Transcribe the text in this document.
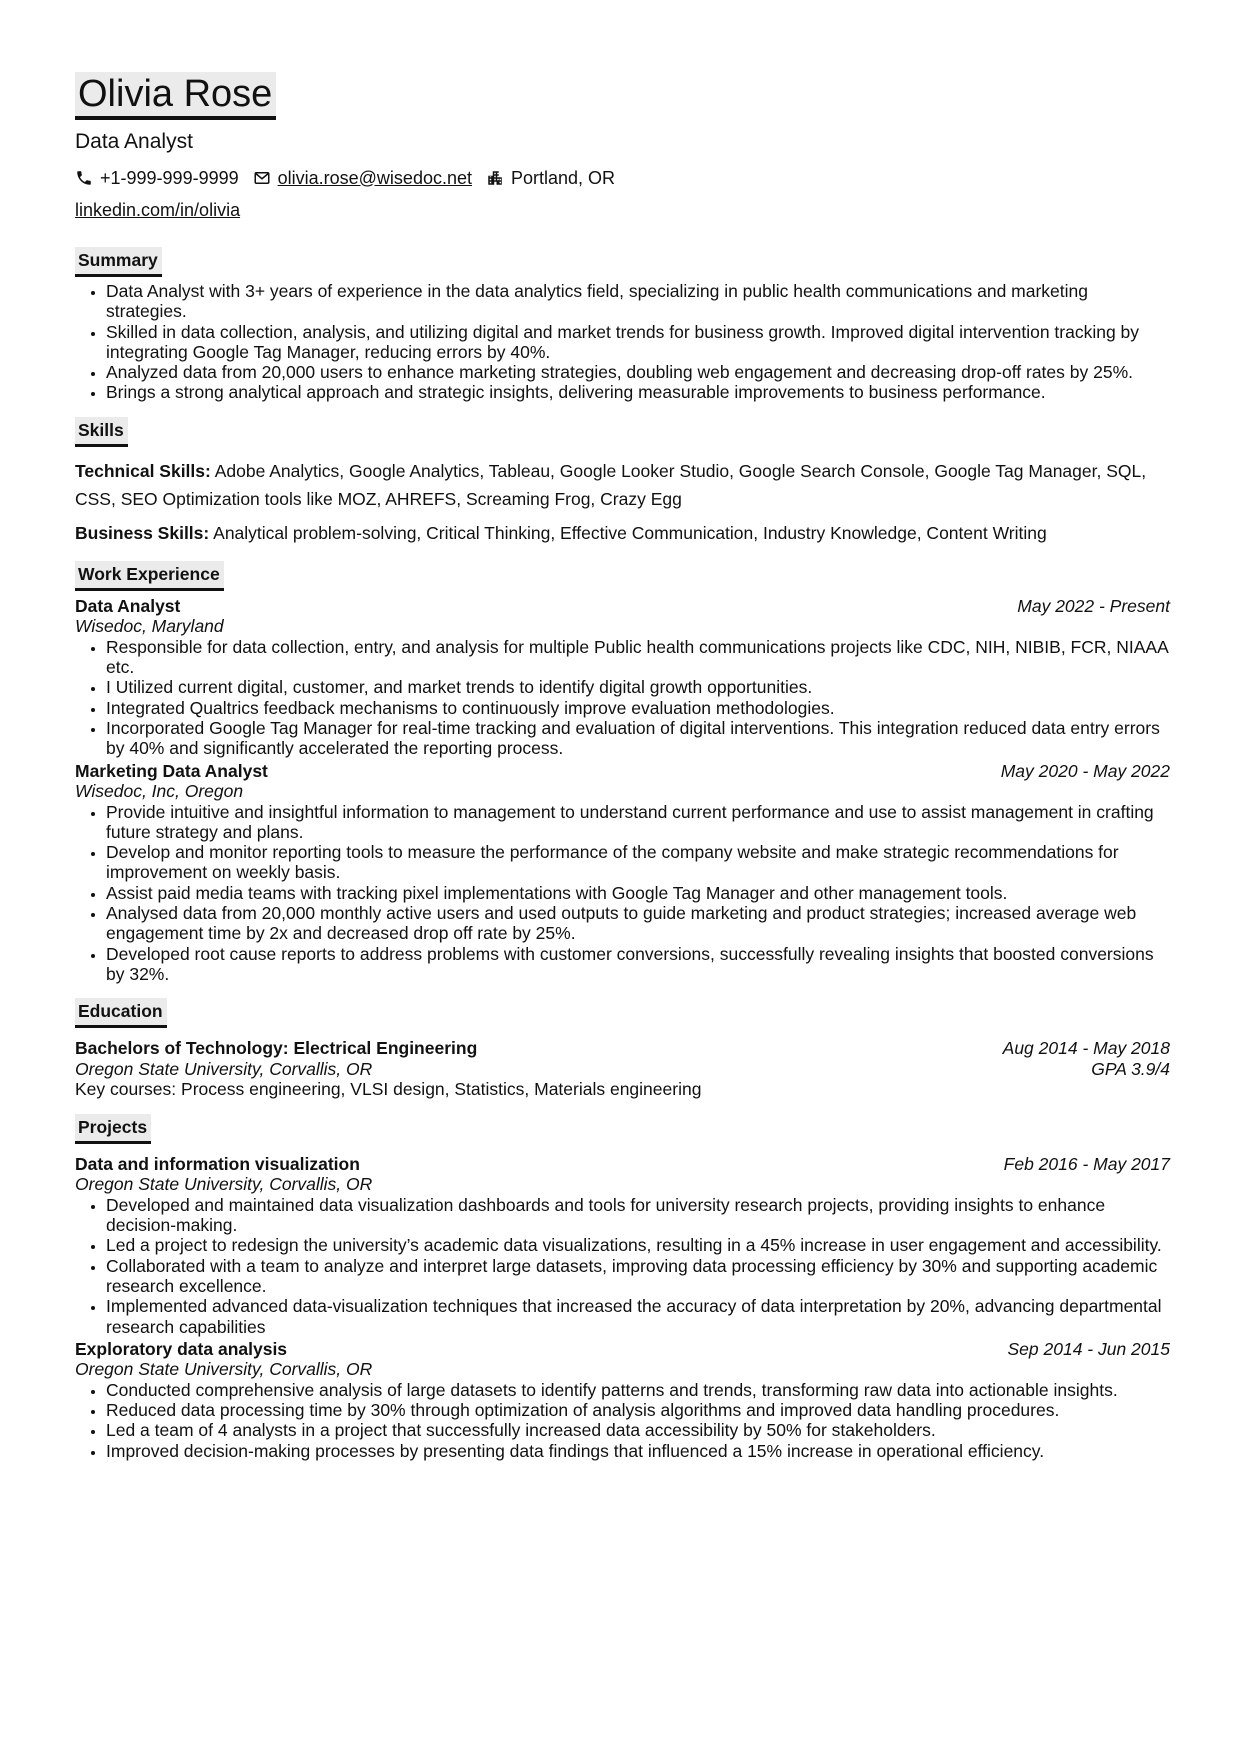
Olivia Rose
Data Analyst
+1-999-999-9999 olivia.rose@wisedoc.net Portland, OR
linkedin.com/in/olivia
Summary
• Data Analyst with 3+ years of experience in the data analytics field, specializing in public health communications and marketing strategies.
• Skilled in data collection, analysis, and utilizing digital and market trends for business growth. Improved digital intervention tracking by integrating Google Tag Manager, reducing errors by 40%.
• Analyzed data from 20,000 users to enhance marketing strategies, doubling web engagement and decreasing drop-off rates by 25%.
• Brings a strong analytical approach and strategic insights, delivering measurable improvements to business performance.
Skills

Technical Skills: Adobe Analytics, Google Analytics, Tableau, Google Looker Studio, Google Search Console, Google Tag Manager, SQL, CSS, SEO Optimization tools like MOZ, AHREFS, Screaming Frog, Crazy Egg

Business Skills: Analytical problem-solving, Critical Thinking, Effective Communication, Industry Knowledge, Content Writing

Work Experience
Data Analyst	May 2022 - Present
Wisedoc, Maryland
• Responsible for data collection, entry, and analysis for multiple Public health communications projects like CDC, NIH, NIBIB, FCR, NIAAA etc.
• I Utilized current digital, customer, and market trends to identify digital growth opportunities.
• Integrated Qualtrics feedback mechanisms to continuously improve evaluation methodologies.
• Incorporated Google Tag Manager for real-time tracking and evaluation of digital interventions. This integration reduced data entry errors by 40% and significantly accelerated the reporting process.
Marketing Data Analyst	May 2020 - May 2022
Wisedoc, Inc, Oregon
• Provide intuitive and insightful information to management to understand current performance and use to assist management in crafting future strategy and plans.
• Develop and monitor reporting tools to measure the performance of the company website and make strategic recommendations for improvement on weekly basis.
• Assist paid media teams with tracking pixel implementations with Google Tag Manager and other management tools.
• Analysed data from 20,000 monthly active users and used outputs to guide marketing and product strategies; increased average web engagement time by 2x and decreased drop off rate by 25%.
• Developed root cause reports to address problems with customer conversions, successfully revealing insights that boosted conversions by 32%.
Education
Bachelors of Technology: Electrical Engineering	Aug 2014 - May 2018
Oregon State University, Corvallis, OR	GPA 3.9/4
Key courses: Process engineering, VLSI design, Statistics, Materials engineering
Projects
Data and information visualization	Feb 2016 - May 2017
Oregon State University, Corvallis, OR
• Developed and maintained data visualization dashboards and tools for university research projects, providing insights to enhance decision-making.
• Led a project to redesign the university’s academic data visualizations, resulting in a 45% increase in user engagement and accessibility.
• Collaborated with a team to analyze and interpret large datasets, improving data processing efficiency by 30% and supporting academic research excellence.
• Implemented advanced data-visualization techniques that increased the accuracy of data interpretation by 20%, advancing departmental research capabilities
Exploratory data analysis	Sep 2014 - Jun 2015
Oregon State University, Corvallis, OR
• Conducted comprehensive analysis of large datasets to identify patterns and trends, transforming raw data into actionable insights.
• Reduced data processing time by 30% through optimization of analysis algorithms and improved data handling procedures.
• Led a team of 4 analysts in a project that successfully increased data accessibility by 50% for stakeholders.
• Improved decision-making processes by presenting data findings that influenced a 15% increase in operational efficiency.
